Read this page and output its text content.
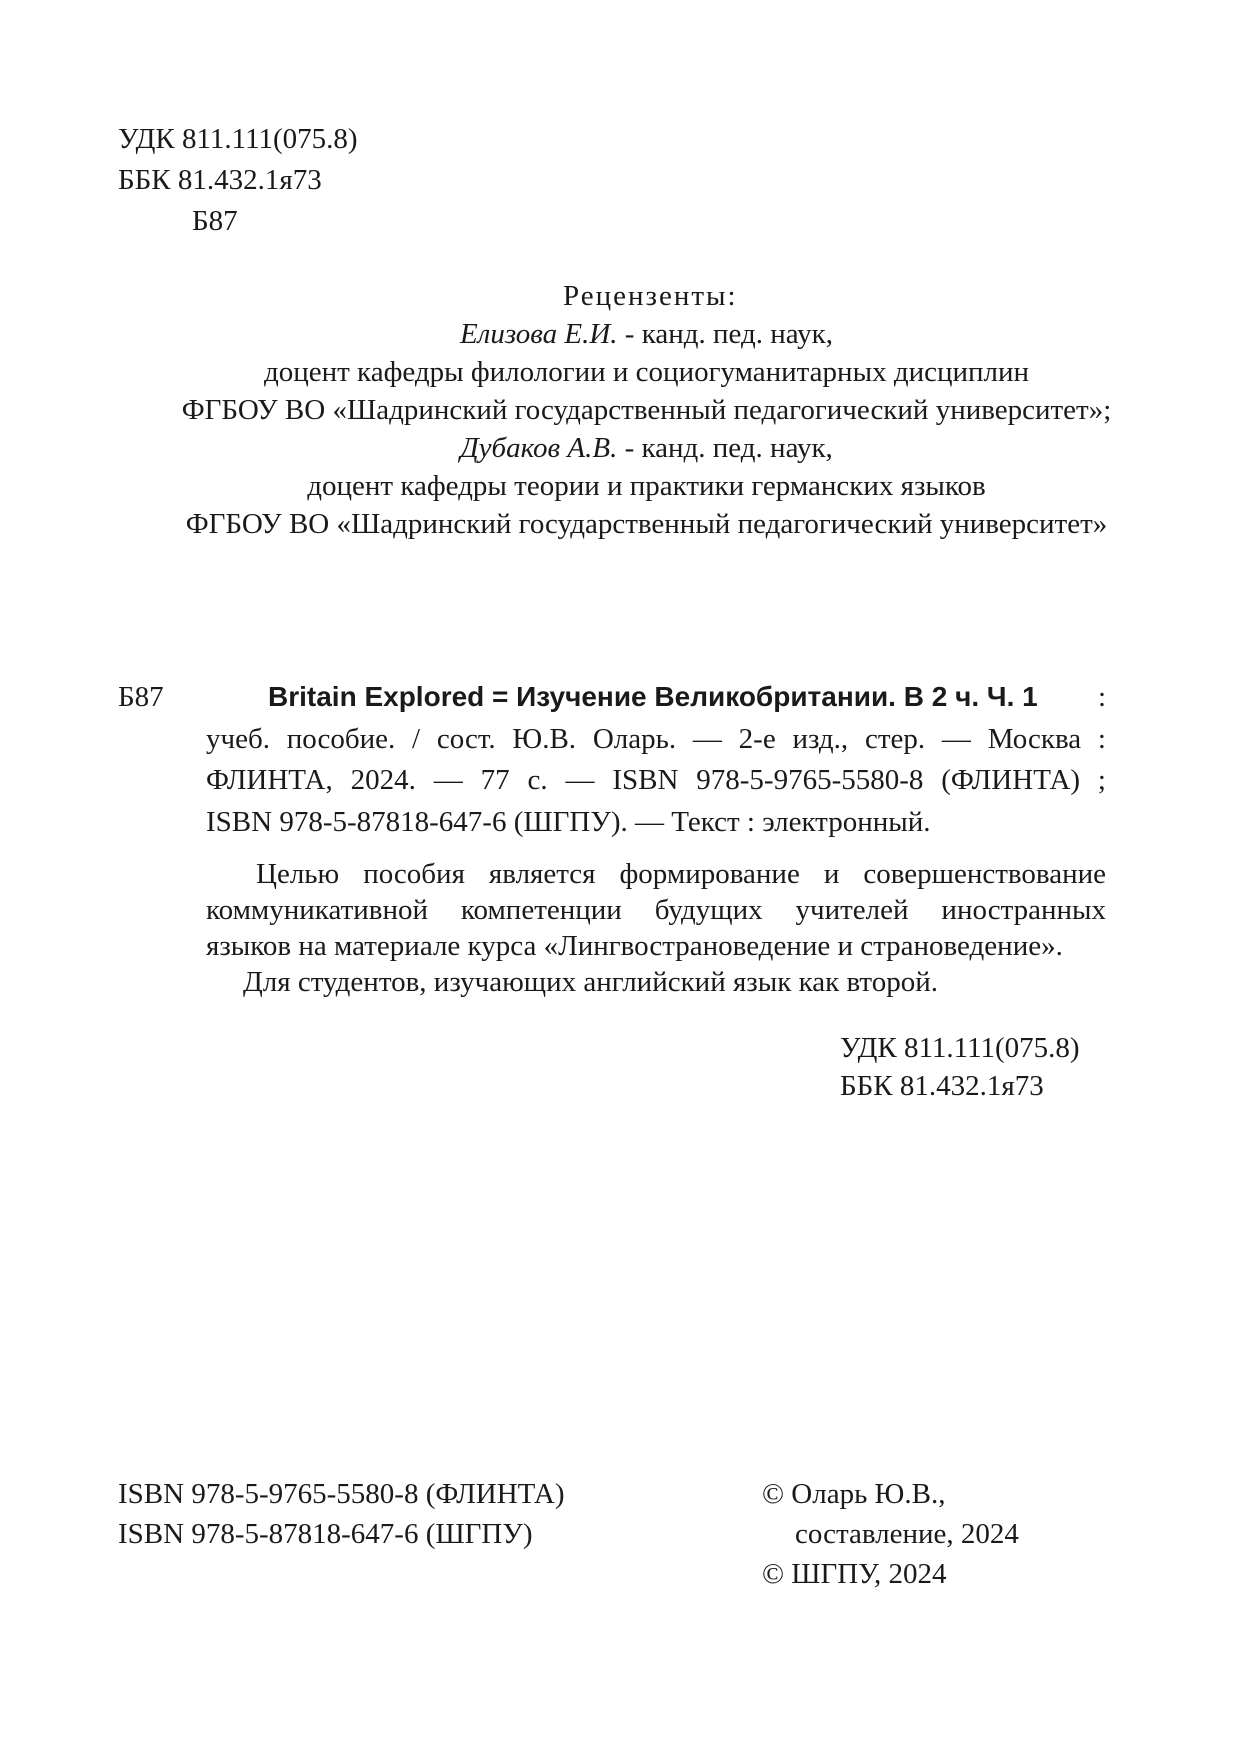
УДК 811.111(075.8)
ББК 81.432.1я73
Б87
Рецензенты:
Елизова Е.И. - канд. пед. наук,
доцент кафедры филологии и социогуманитарных дисциплин
ФГБОУ ВО «Шадринский государственный педагогический университет»;
Дубаков А.В. - канд. пед. наук,
доцент кафедры теории и практики германских языков
ФГБОУ ВО «Шадринский государственный педагогический университет»
Б87	Britain Explored = Изучение Великобритании. В 2 ч. Ч. 1 :
учеб. пособие. / сост. Ю.В. Оларь. — 2-е изд., стер. — Москва :
ФЛИНТА, 2024. — 77 с. — ISBN 978-5-9765-5580-8 (ФЛИНТА) ;
ISBN 978-5-87818-647-6 (ШГПУ). — Текст : электронный.
Целью пособия является формирование и совершенствование
коммуникативной компетенции будущих учителей иностранных
языков на материале курса «Лингвострановедение и страноведение».
Для студентов, изучающих английский язык как второй.
УДК 811.111(075.8)
ББК 81.432.1я73
ISBN 978-5-9765-5580-8 (ФЛИНТА)
ISBN 978-5-87818-647-6 (ШГПУ)
© Оларь Ю.В.,
составление, 2024
© ШГПУ, 2024
